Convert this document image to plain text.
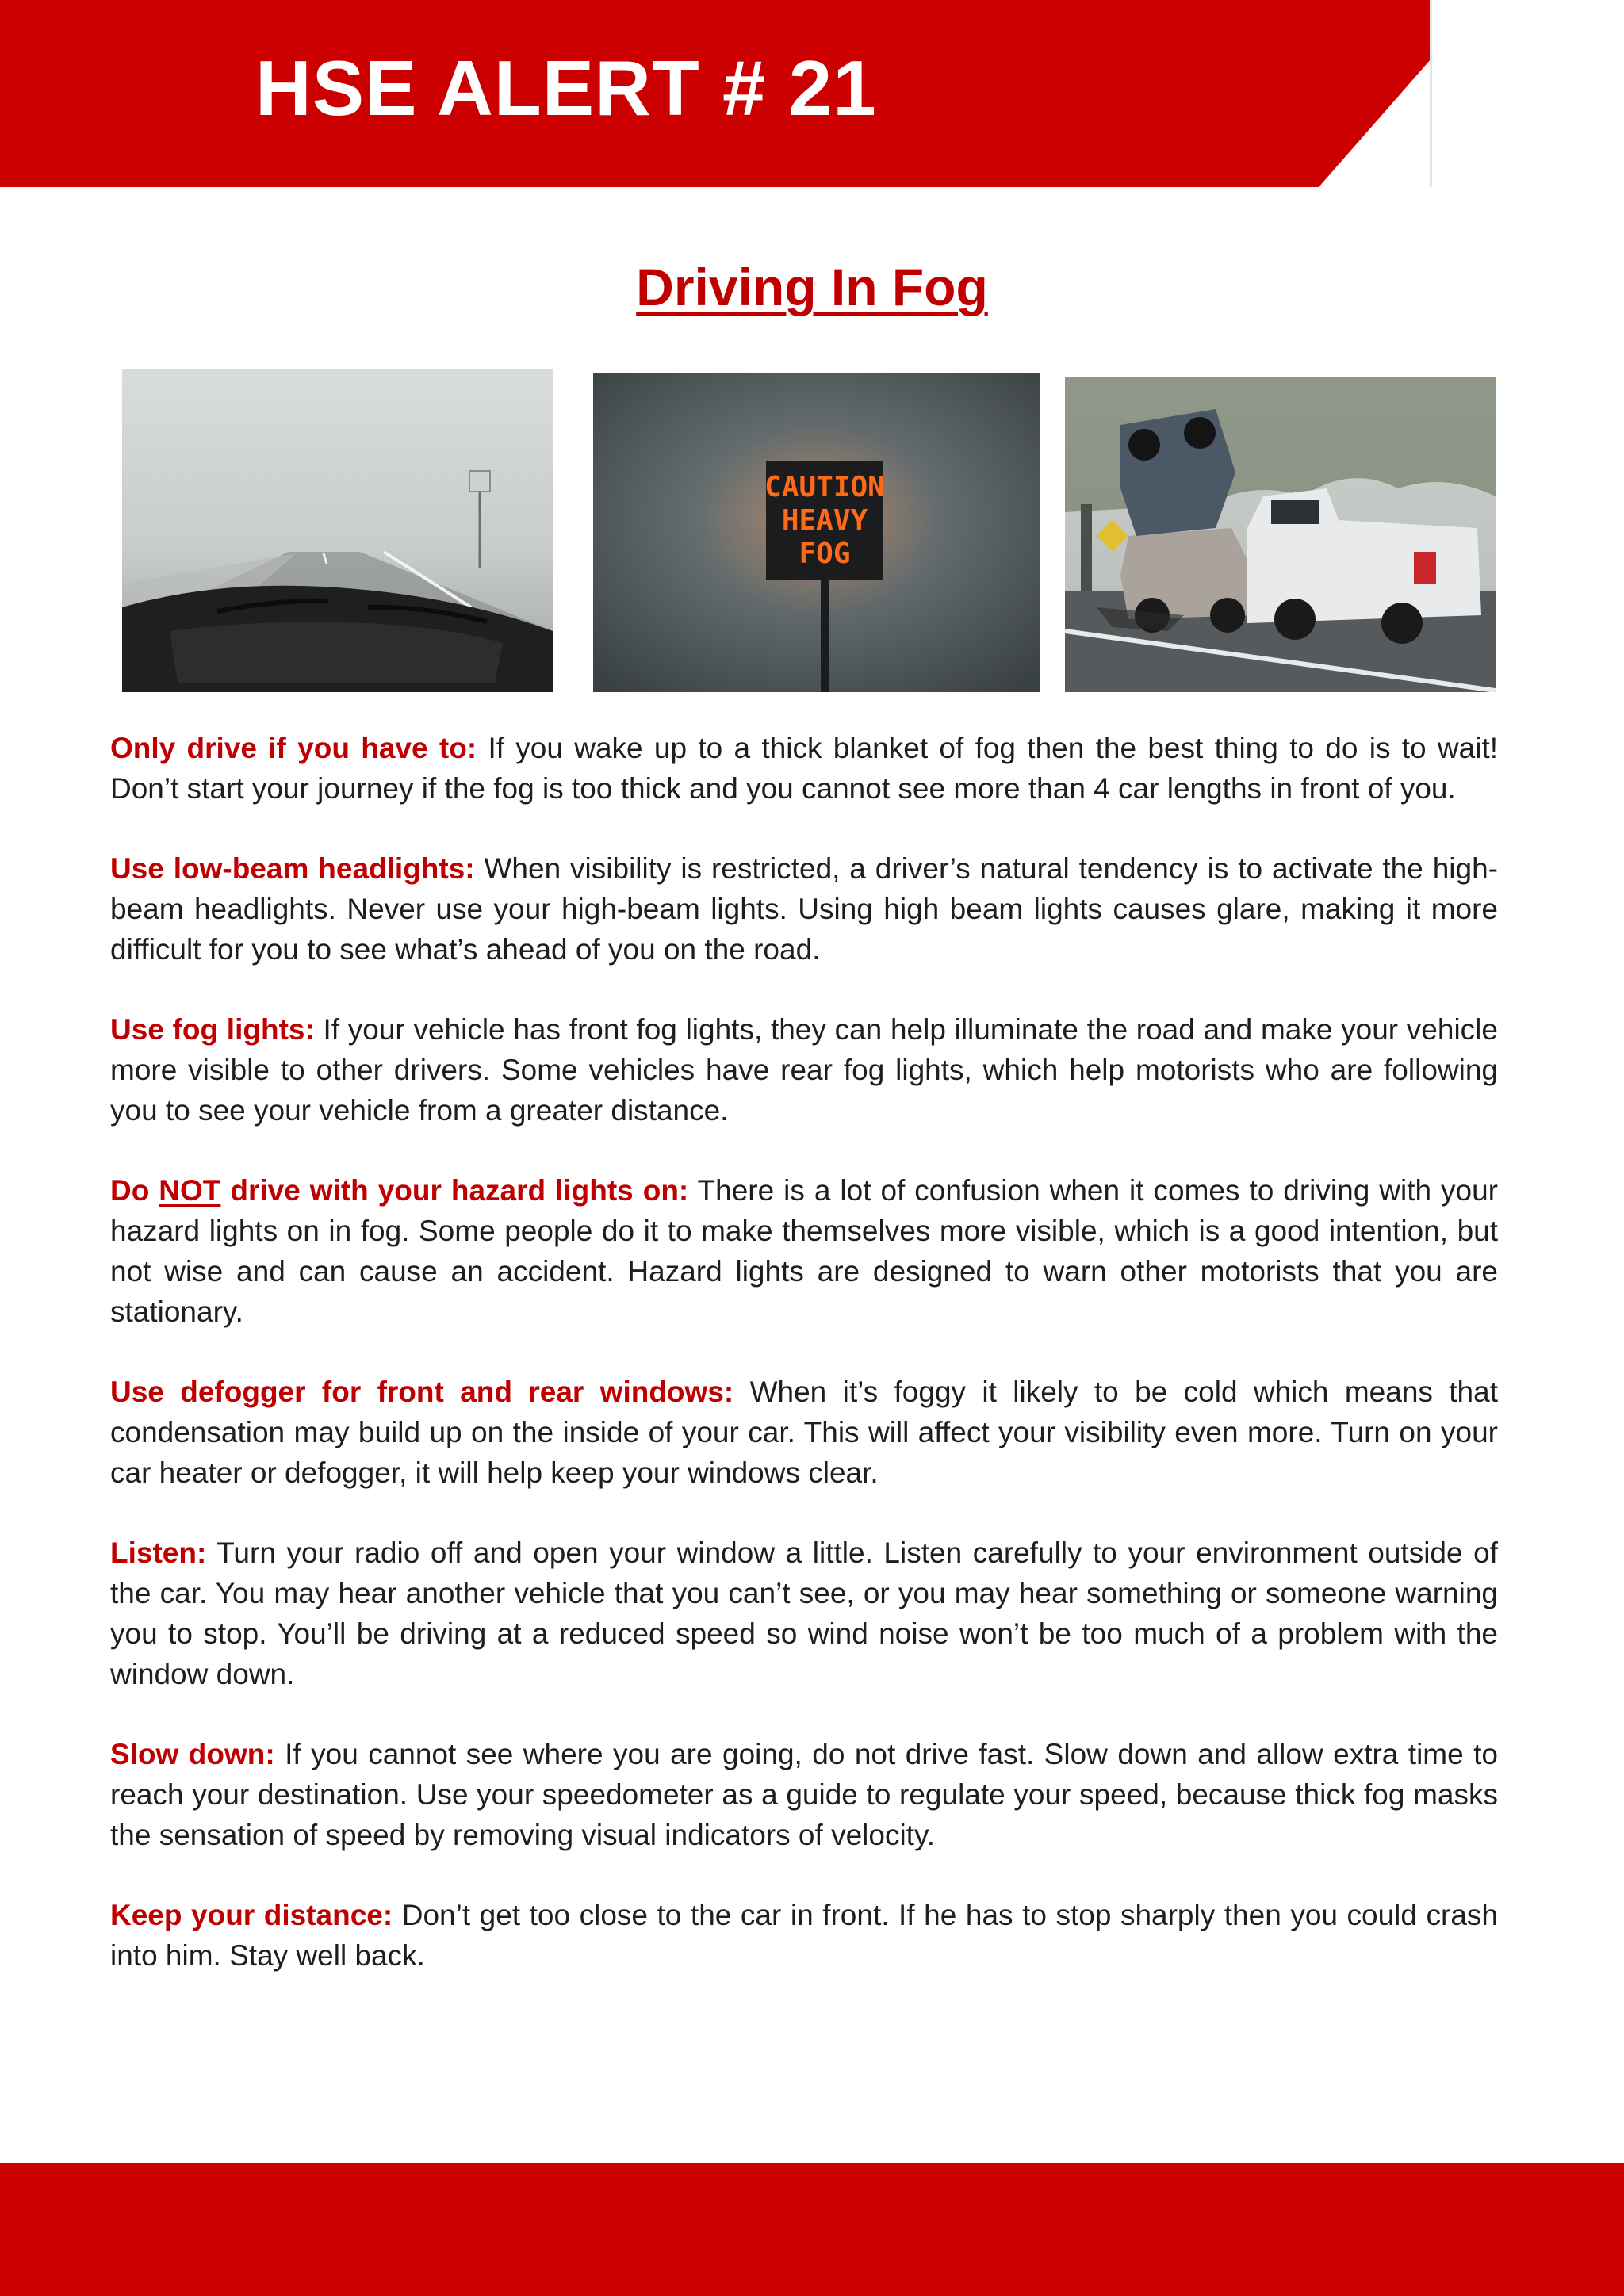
HSE ALERT # 21
Driving In Fog
CAUTION
HEAVY
FOG

Only drive if you have to: If you wake up to a thick blanket of fog then the best thing to do is to wait! Don’t start your journey if the fog is too thick and you cannot see more than 4 car lengths in front of you.

Use low-beam headlights: When visibility is restricted, a driver’s natural tendency is to activate the high-beam headlights. Never use your high-beam lights. Using high beam lights causes glare, making it more difficult for you to see what’s ahead of you on the road.

Use fog lights: If your vehicle has front fog lights, they can help illuminate the road and make your vehicle more visible to other drivers. Some vehicles have rear fog lights, which help motorists who are following you to see your vehicle from a greater distance.

Do NOT drive with your hazard lights on: There is a lot of confusion when it comes to driving with your hazard lights on in fog. Some people do it to make themselves more visible, which is a good intention, but not wise and can cause an accident. Hazard lights are designed to warn other motorists that you are stationary.

Use defogger for front and rear windows: When it’s foggy it likely to be cold which means that condensation may build up on the inside of your car. This will affect your visibility even more. Turn on your car heater or defogger, it will help keep your windows clear.

Listen: Turn your radio off and open your window a little. Listen carefully to your environment outside of the car. You may hear another vehicle that you can’t see, or you may hear something or someone warning you to stop. You’ll be driving at a reduced speed so wind noise won’t be too much of a problem with the window down.

Slow down: If you cannot see where you are going, do not drive fast. Slow down and allow extra time to reach your destination. Use your speedometer as a guide to regulate your speed, because thick fog masks the sensation of speed by removing visual indicators of velocity.

Keep your distance: Don’t get too close to the car in front. If he has to stop sharply then you could crash into him. Stay well back.
